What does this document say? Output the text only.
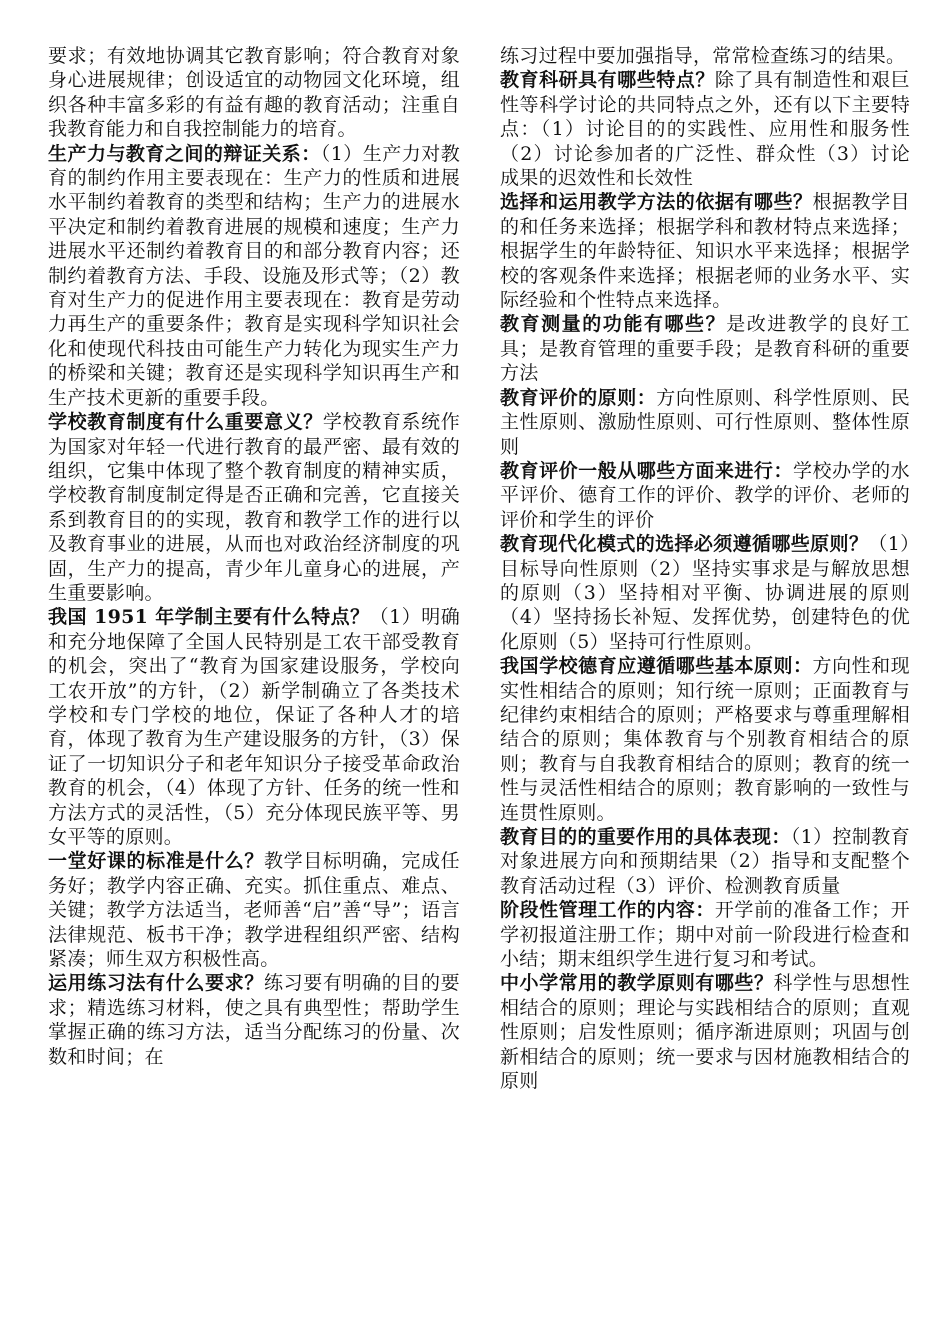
要求；有效地协调其它教育影响；符合教育对象身心进展规律；创设适宜的动物园文化环境，组织各种丰富多彩的有益有趣的教育活动；注重自我教育能力和自我控制能力的培育。

生产力与教育之间的辩证关系：（1）生产力对教育的制约作用主要表现在：生产力的性质和进展水平制约着教育的类型和结构；生产力的进展水平决定和制约着教育进展的规模和速度；生产力进展水平还制约着教育目的和部分教育内容；还制约着教育方法、手段、设施及形式等；（2）教育对生产力的促进作用主要表现在：教育是劳动力再生产的重要条件；教育是实现科学知识社会化和使现代科技由可能生产力转化为现实生产力的桥梁和关键；教育还是实现科学知识再生产和生产技术更新的重要手段。

学校教育制度有什么重要意义？学校教育系统作为国家对年轻一代进行教育的最严密、最有效的组织，它集中体现了整个教育制度的精神实质，学校教育制度制定得是否正确和完善，它直接关系到教育目的的实现，教育和教学工作的进行以及教育事业的进展，从而也对政治经济制度的巩固，生产力的提高，青少年儿童身心的进展，产生重要影响。

我国 1951 年学制主要有什么特点？（1）明确和充分地保障了全国人民特别是工农干部受教育的机会，突出了“教育为国家建设服务，学校向工农开放”的方针，（2）新学制确立了各类技术学校和专门学校的地位，保证了各种人才的培育，体现了教育为生产建设服务的方针，（3）保证了一切知识分子和老年知识分子接受革命政治教育的机会，（4）体现了方针、任务的统一性和方法方式的灵活性，（5）充分体现民族平等、男女平等的原则。

一堂好课的标准是什么？教学目标明确，完成任务好；教学内容正确、充实。抓住重点、难点、关键；教学方法适当，老师善“启”善“导”；语言法律规范、板书干净；教学进程组织严密、结构紧凑；师生双方积极性高。

运用练习法有什么要求？练习要有明确的目的要求；精选练习材料，使之具有典型性；帮助学生掌握正确的练习方法，适当分配练习的份量、次数和时间；在

练习过程中要加强指导，常常检查练习的结果。

教育科研具有哪些特点？除了具有制造性和艰巨性等科学讨论的共同特点之外，还有以下主要特点：（1）讨论目的的实践性、应用性和服务性（2）讨论参加者的广泛性、群众性（3）讨论成果的迟效性和长效性

选择和运用教学方法的依据有哪些？根据教学目的和任务来选择；根据学科和教材特点来选择；根据学生的年龄特征、知识水平来选择；根据学校的客观条件来选择；根据老师的业务水平、实际经验和个性特点来选择。

教育测量的功能有哪些？是改进教学的良好工具；是教育管理的重要手段；是教育科研的重要方法

教育评价的原则：方向性原则、科学性原则、民主性原则、激励性原则、可行性原则、整体性原则

教育评价一般从哪些方面来进行：学校办学的水平评价、德育工作的评价、教学的评价、老师的评价和学生的评价

教育现代化模式的选择必须遵循哪些原则？（1）目标导向性原则（2）坚持实事求是与解放思想的原则（3）坚持相对平衡、协调进展的原则（4）坚持扬长补短、发挥优势，创建特色的优化原则（5）坚持可行性原则。

我国学校德育应遵循哪些基本原则：方向性和现实性相结合的原则；知行统一原则；正面教育与纪律约束相结合的原则；严格要求与尊重理解相结合的原则；集体教育与个别教育相结合的原则；教育与自我教育相结合的原则；教育的统一性与灵活性相结合的原则；教育影响的一致性与连贯性原则。

教育目的的重要作用的具体表现：（1）控制教育对象进展方向和预期结果（2）指导和支配整个教育活动过程（3）评价、检测教育质量

阶段性管理工作的内容：开学前的准备工作；开学初报道注册工作；期中对前一阶段进行检查和小结；期末组织学生进行复习和考试。

中小学常用的教学原则有哪些？科学性与思想性相结合的原则；理论与实践相结合的原则；直观性原则；启发性原则；循序渐进原则；巩固与创新相结合的原则；统一要求与因材施教相结合的原则
